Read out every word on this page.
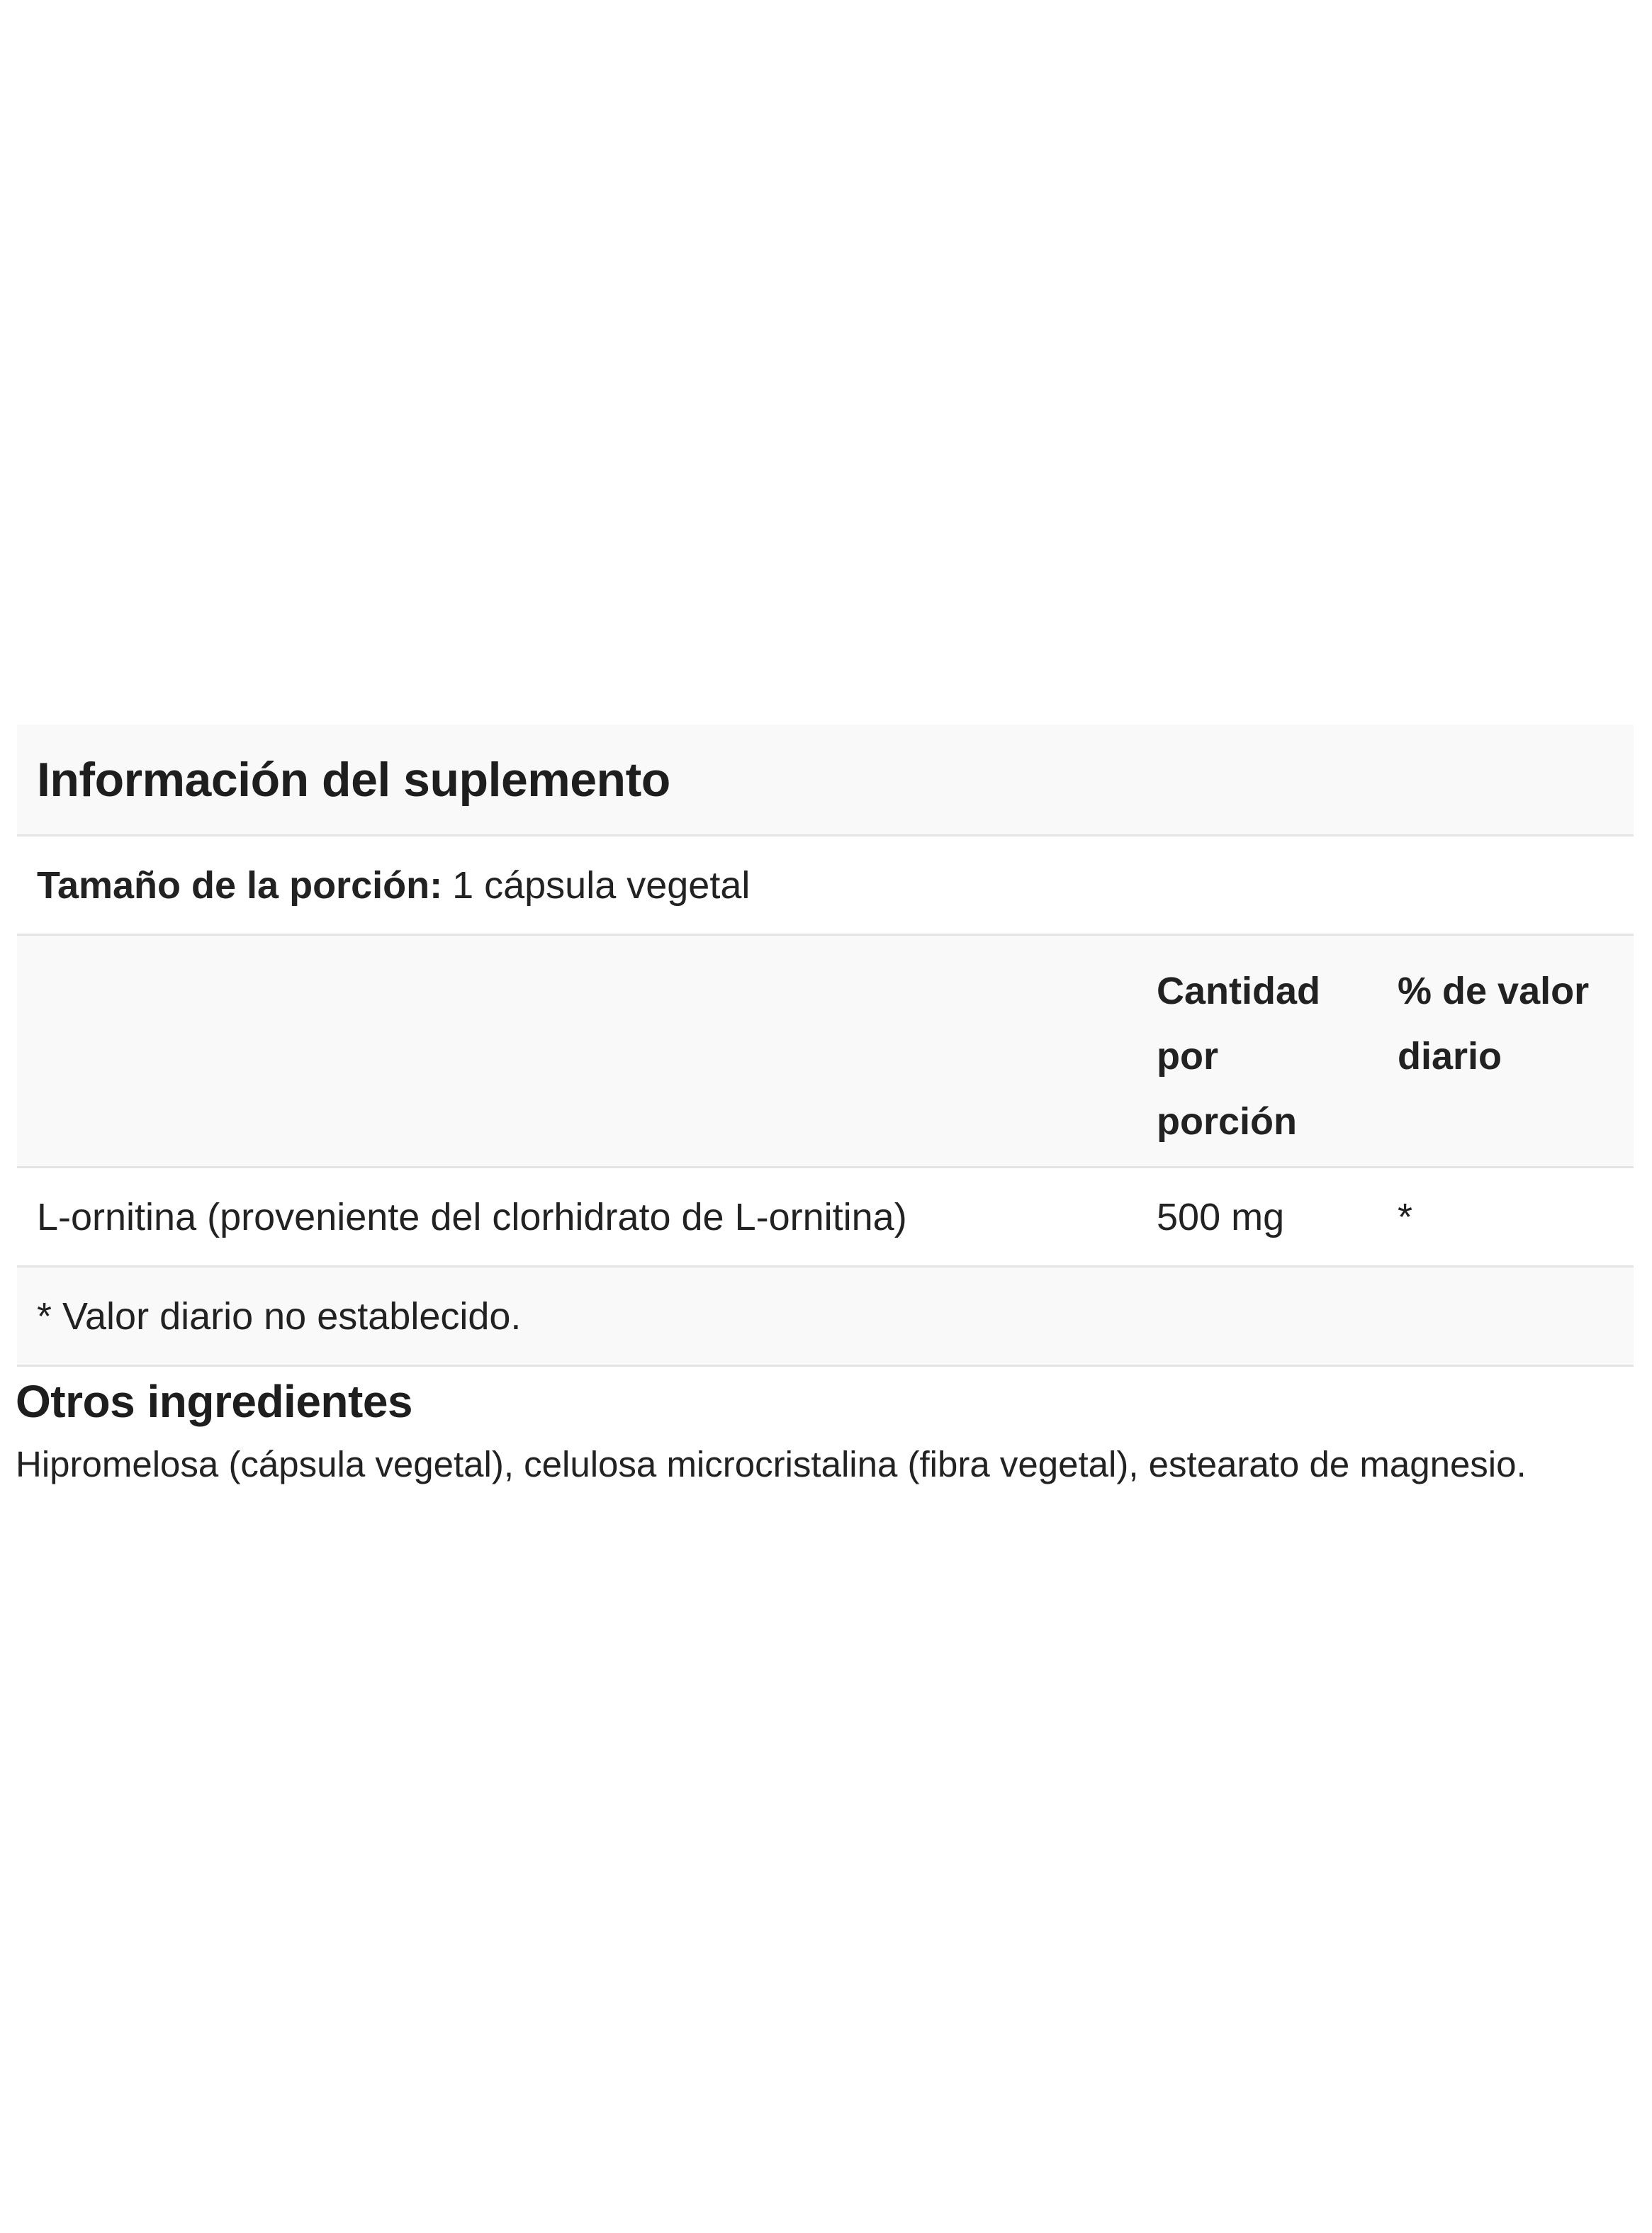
Información del suplemento
Tamaño de la porción: 1 cápsula vegetal
Cantidad
por
porción
% de valor
diario
L-ornitina (proveniente del clorhidrato de L-ornitina)	500 mg	*
* Valor diario no establecido.
Otros ingredientes

Hipromelosa (cápsula vegetal), celulosa microcristalina (fibra vegetal), estearato de magnesio.
